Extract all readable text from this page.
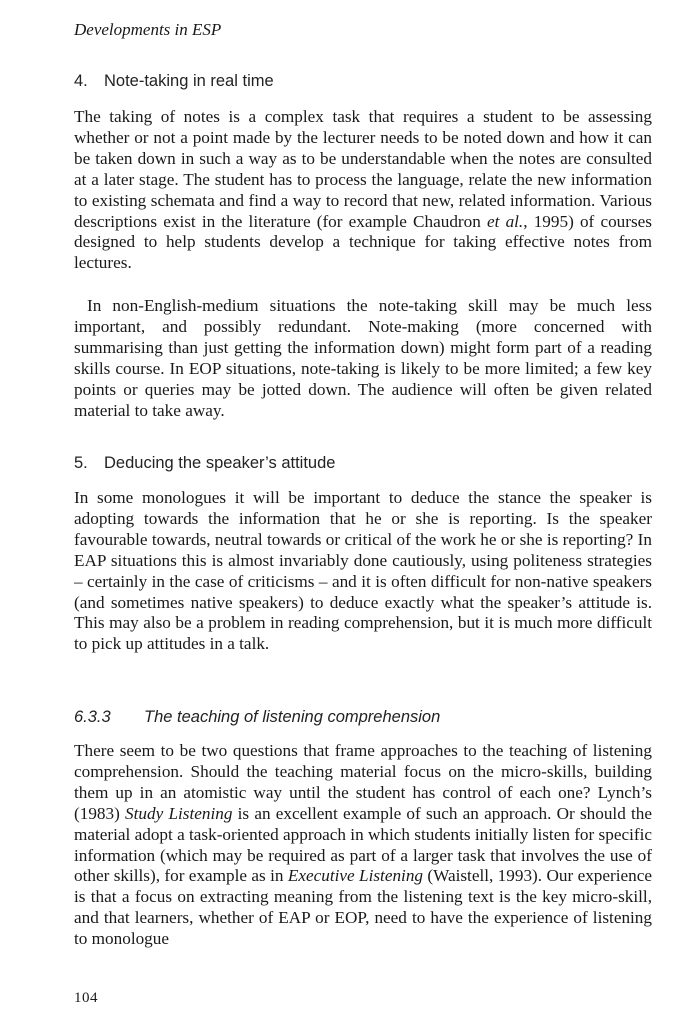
Developments in ESP
4. Note-taking in real time

The taking of notes is a complex task that requires a student to be assessing whether or not a point made by the lecturer needs to be noted down and how it can be taken down in such a way as to be understandable when the notes are consulted at a later stage. The student has to process the language, relate the new information to existing schemata and find a way to record that new, related information. Various descriptions exist in the literature (for example Chaudron et al., 1995) of courses designed to help students develop a technique for taking effective notes from lectures.

In non-English-medium situations the note-taking skill may be much less important, and possibly redundant. Note-making (more concerned with summarising than just getting the information down) might form part of a reading skills course. In EOP situations, note-taking is likely to be more limited; a few key points or queries may be jotted down. The audience will often be given related material to take away.

5. Deducing the speaker’s attitude

In some monologues it will be important to deduce the stance the speaker is adopting towards the information that he or she is reporting. Is the speaker favourable towards, neutral towards or critical of the work he or she is reporting? In EAP situations this is almost invariably done cautiously, using politeness strategies – certainly in the case of criticisms – and it is often difficult for non-native speakers (and sometimes native speakers) to deduce exactly what the speaker’s attitude is. This may also be a problem in reading comprehension, but it is much more difficult to pick up attitudes in a talk.

6.3.3 The teaching of listening comprehension

There seem to be two questions that frame approaches to the teaching of listening comprehension. Should the teaching material focus on the micro-skills, building them up in an atomistic way until the student has control of each one? Lynch’s (1983) Study Listening is an excellent example of such an approach. Or should the material adopt a task-oriented approach in which students initially listen for specific information (which may be required as part of a larger task that involves the use of other skills), for example as in Executive Listening (Waistell, 1993). Our experience is that a focus on extracting meaning from the listening text is the key micro-skill, and that learners, whether of EAP or EOP, need to have the experience of listening to monologue

104
